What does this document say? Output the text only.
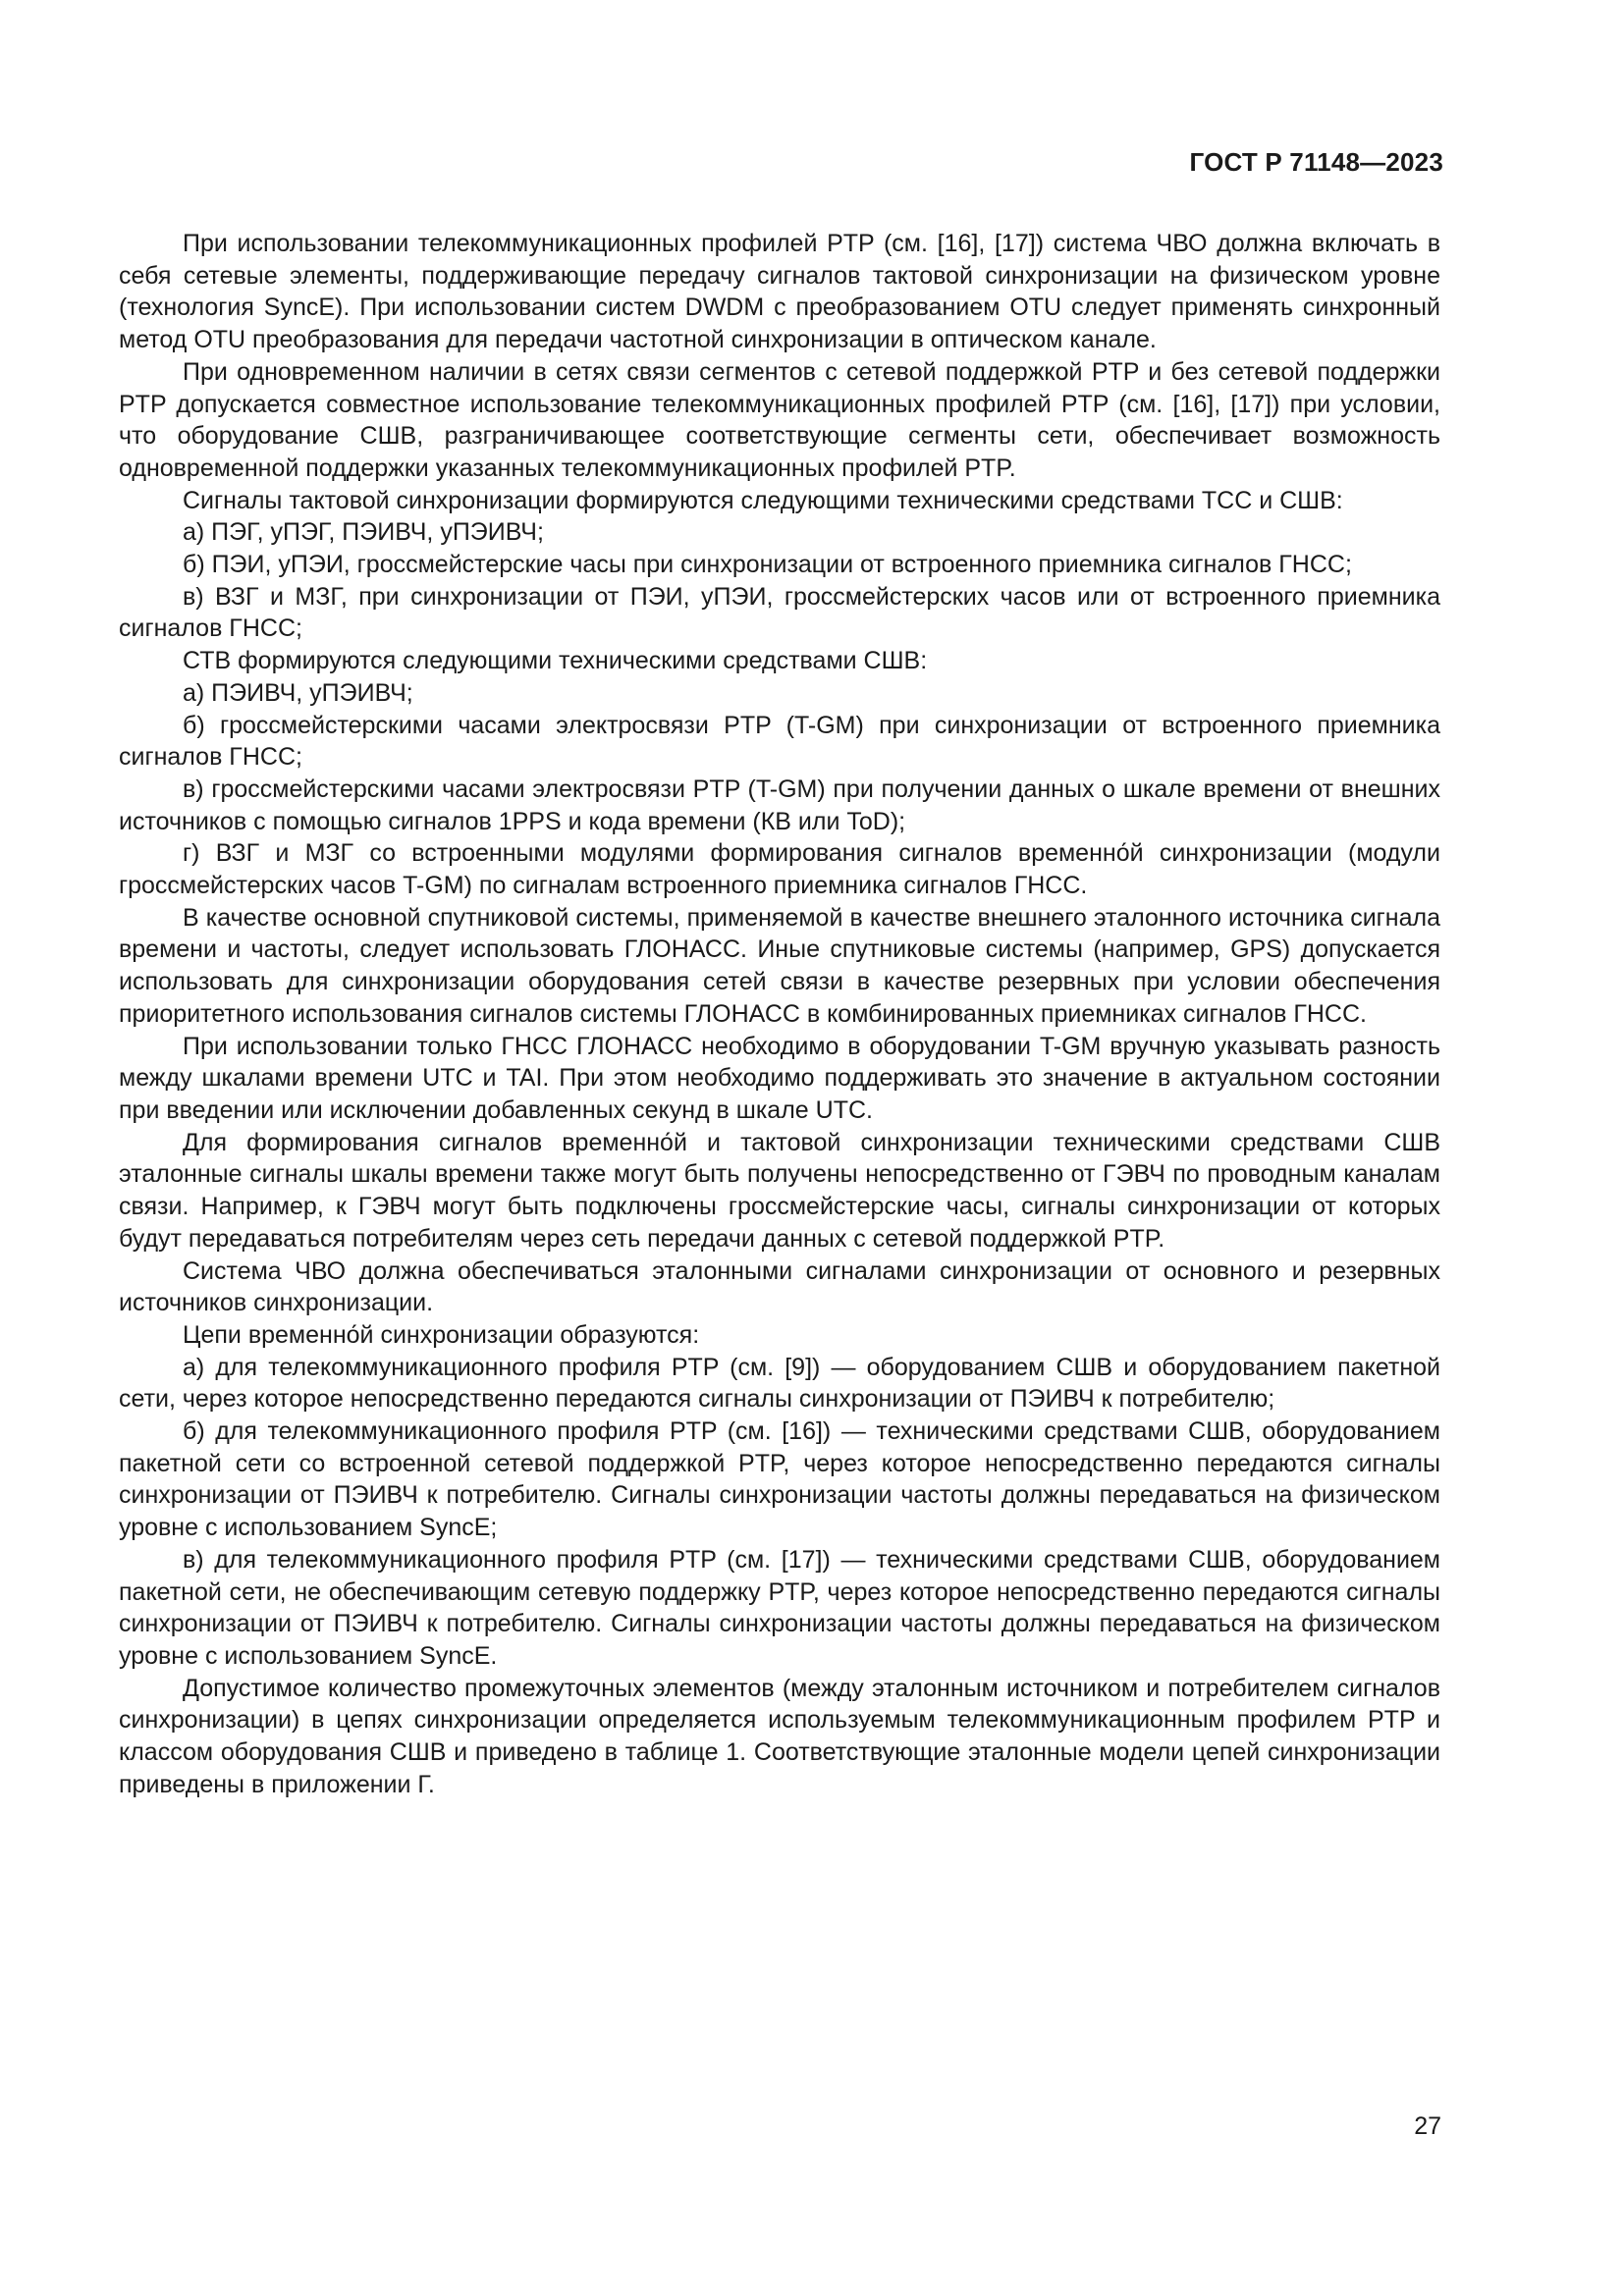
ГОСТ Р 71148—2023

При использовании телекоммуникационных профилей PTP (см. [16], [17]) система ЧВО должна включать в себя сетевые элементы, поддерживающие передачу сигналов тактовой синхронизации на физическом уровне (технология SyncE). При использовании систем DWDM с преобразованием OTU следует применять синхронный метод OTU преобразования для передачи частотной синхронизации в оптическом канале.

При одновременном наличии в сетях связи сегментов с сетевой поддержкой PTP и без сетевой поддержки PTP допускается совместное использование телекоммуникационных профилей PTP (см. [16], [17]) при условии, что оборудование СШВ, разграничивающее соответствующие сегменты сети, обеспечивает возможность одновременной поддержки указанных телекоммуникационных профилей PTP.

Сигналы тактовой синхронизации формируются следующими техническими средствами ТСС и СШВ:

а) ПЭГ, уПЭГ, ПЭИВЧ, уПЭИВЧ;

б) ПЭИ, уПЭИ, гроссмейстерские часы при синхронизации от встроенного приемника сигналов ГНСС;

в) ВЗГ и МЗГ, при синхронизации от ПЭИ, уПЭИ, гроссмейстерских часов или от встроенного приемника сигналов ГНСС;

СТВ формируются следующими техническими средствами СШВ:

а) ПЭИВЧ, уПЭИВЧ;

б) гроссмейстерскими часами электросвязи PTP (T-GM) при синхронизации от встроенного приемника сигналов ГНСС;

в) гроссмейстерскими часами электросвязи PTP (T-GM) при получении данных о шкале времени от внешних источников с помощью сигналов 1PPS и кода времени (КВ или ToD);

г) ВЗГ и МЗГ со встроенными модулями формирования сигналов временно́й синхронизации (модули гроссмейстерских часов T-GM) по сигналам встроенного приемника сигналов ГНСС.

В качестве основной спутниковой системы, применяемой в качестве внешнего эталонного источника сигнала времени и частоты, следует использовать ГЛОНАСС. Иные спутниковые системы (например, GPS) допускается использовать для синхронизации оборудования сетей связи в качестве резервных при условии обеспечения приоритетного использования сигналов системы ГЛОНАСС в комбинированных приемниках сигналов ГНСС.

При использовании только ГНСС ГЛОНАСС необходимо в оборудовании T-GM вручную указывать разность между шкалами времени UTC и TAI. При этом необходимо поддерживать это значение в актуальном состоянии при введении или исключении добавленных секунд в шкале UTC.

Для формирования сигналов временно́й и тактовой синхронизации техническими средствами СШВ эталонные сигналы шкалы времени также могут быть получены непосредственно от ГЭВЧ по проводным каналам связи. Например, к ГЭВЧ могут быть подключены гроссмейстерские часы, сигналы синхронизации от которых будут передаваться потребителям через сеть передачи данных с сетевой поддержкой PTP.

Система ЧВО должна обеспечиваться эталонными сигналами синхронизации от основного и резервных источников синхронизации.

Цепи временно́й синхронизации образуются:

а) для телекоммуникационного профиля PTP (см. [9]) — оборудованием СШВ и оборудованием пакетной сети, через которое непосредственно передаются сигналы синхронизации от ПЭИВЧ к потребителю;

б) для телекоммуникационного профиля PTP (см. [16]) — техническими средствами СШВ, оборудованием пакетной сети со встроенной сетевой поддержкой PTP, через которое непосредственно передаются сигналы синхронизации от ПЭИВЧ к потребителю. Сигналы синхронизации частоты должны передаваться на физическом уровне с использованием SyncE;

в) для телекоммуникационного профиля PTP (см. [17]) — техническими средствами СШВ, оборудованием пакетной сети, не обеспечивающим сетевую поддержку PTP, через которое непосредственно передаются сигналы синхронизации от ПЭИВЧ к потребителю. Сигналы синхронизации частоты должны передаваться на физическом уровне с использованием SyncE.

Допустимое количество промежуточных элементов (между эталонным источником и потребителем сигналов синхронизации) в цепях синхронизации определяется используемым телекоммуникационным профилем PTP и классом оборудования СШВ и приведено в таблице 1. Соответствующие эталонные модели цепей синхронизации приведены в приложении Г.

27
